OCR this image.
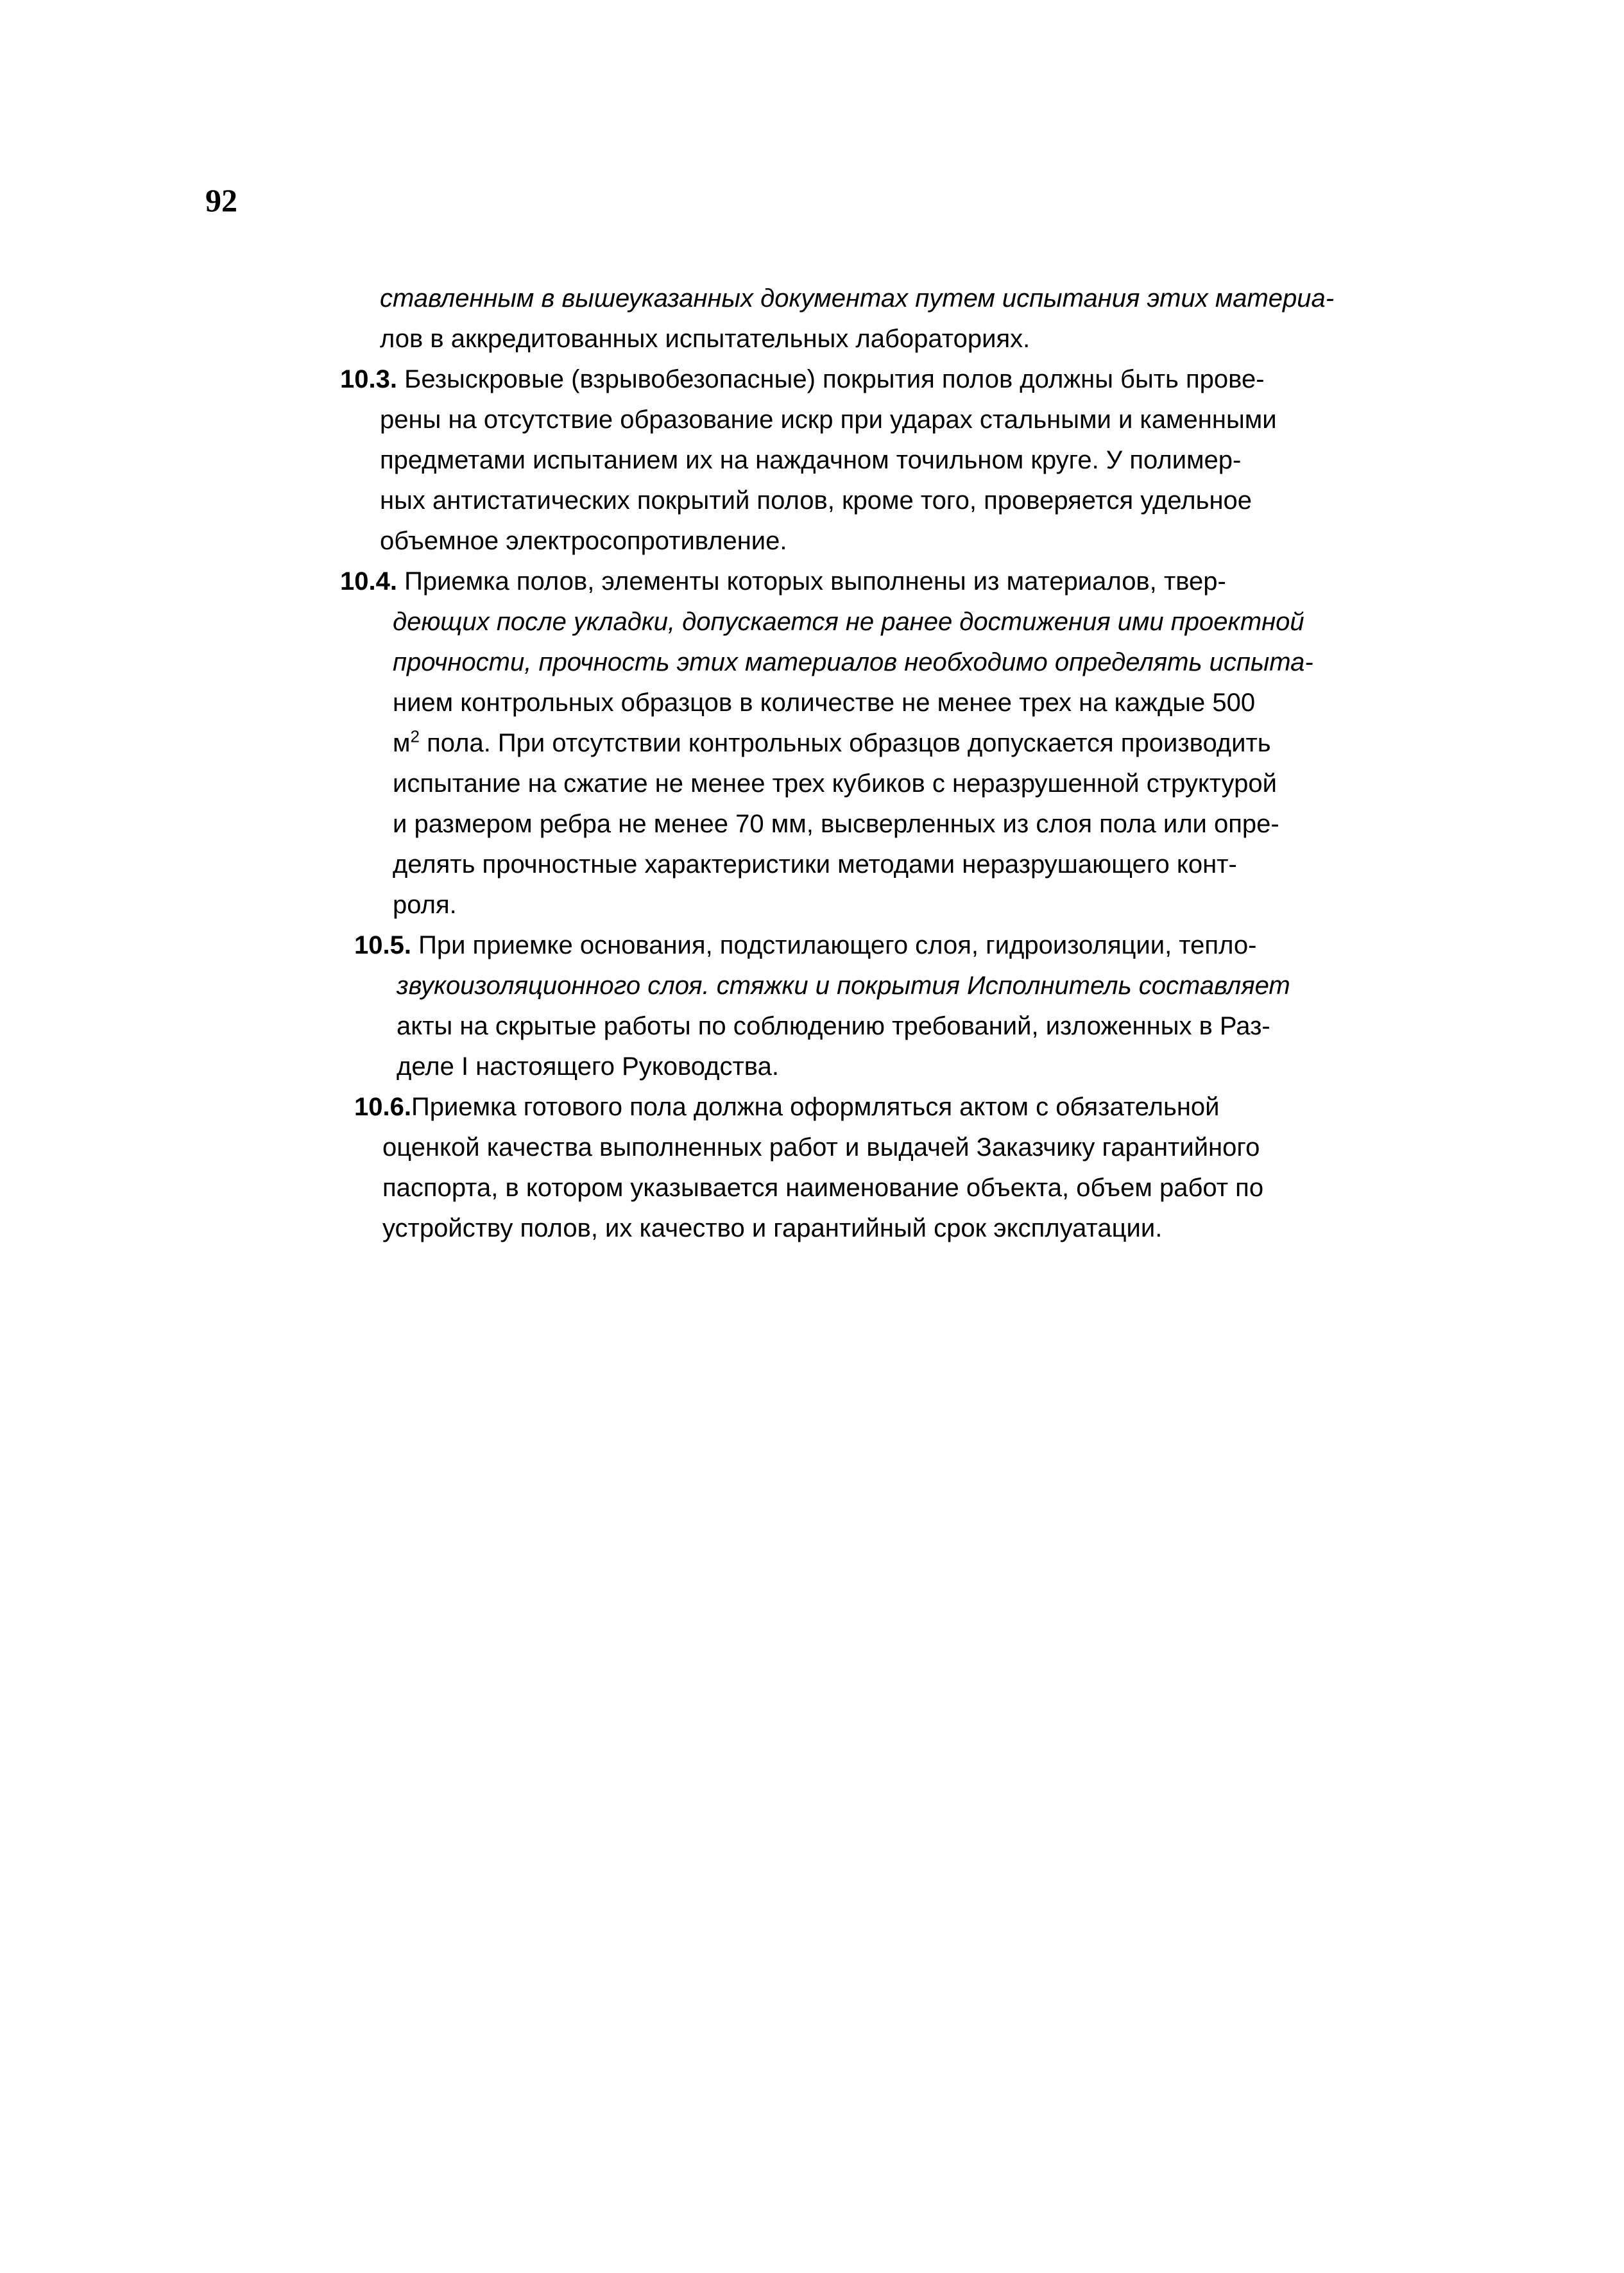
92
ставленным в вышеуказанных документах путем испытания этих материа-
лов в аккредитованных испытательных лабораториях.
10.3. Безыскровые (взрывобезопасные) покрытия полов должны быть прове-
рены на отсутствие образование искр при ударах стальными и каменными
предметами испытанием их на наждачном точильном круге. У полимер-
ных антистатических покрытий полов, кроме того, проверяется удельное
объемное электросопротивление.
10.4. Приемка полов, элементы которых выполнены из материалов, твер-
деющих после укладки, допускается не ранее достижения ими проектной
прочности, прочность этих материалов необходимо определять испыта-
нием контрольных образцов в количестве не менее трех на каждые 500
$м^2$ пола. При отсутствии контрольных образцов допускается производить
испытание на сжатие не менее трех кубиков с неразрушенной структурой
и размером ребра не менее 70 мм, высверленных из слоя пола или опре-
делять прочностные характеристики методами неразрушающего конт-
роля.
10.5. При приемке основания, подстилающего слоя, гидроизоляции, тепло-
звукоизоляционного слоя. стяжки и покрытия Исполнитель составляет
акты на скрытые работы по соблюдению требований, изложенных в Раз-
деле I настоящего Руководства.
10.6.Приемка готового пола должна оформляться актом с обязательной
оценкой качества выполненных работ и выдачей Заказчику гарантийного
паспорта, в котором указывается наименование объекта, объем работ по
устройству полов, их качество и гарантийный срок эксплуатации.
